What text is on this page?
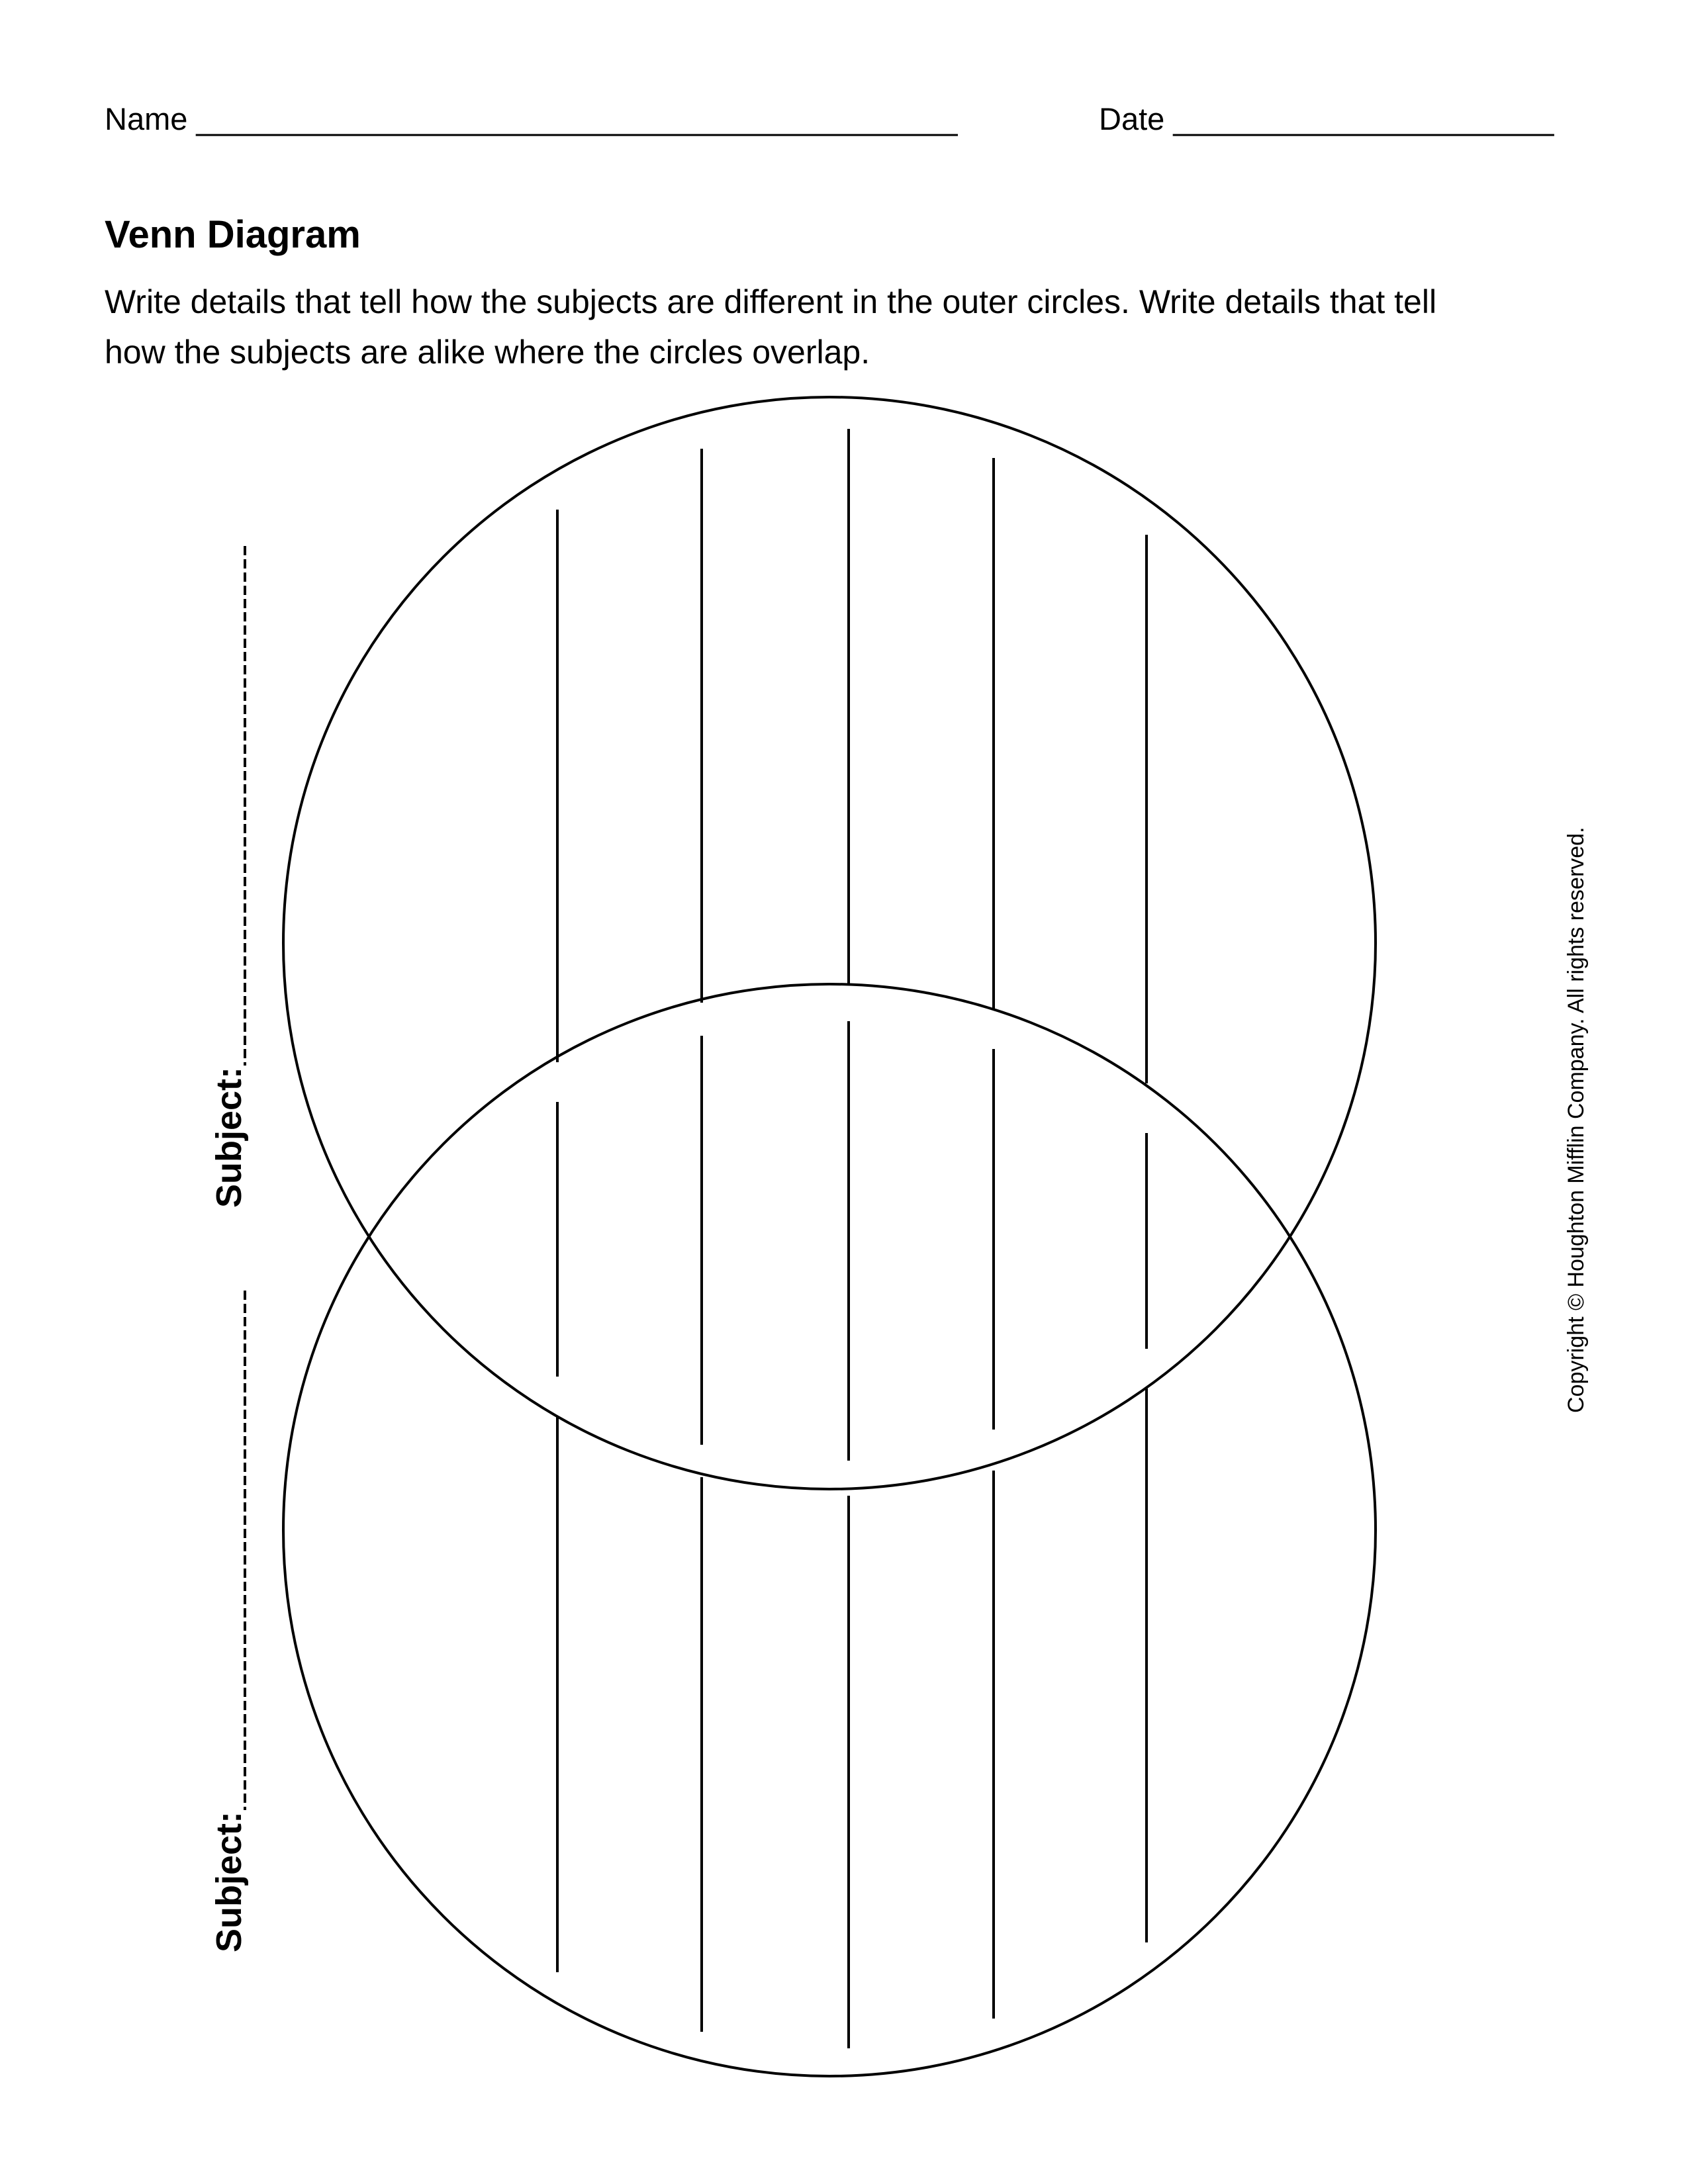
Name ____________________________________________	Date ______________________
Venn Diagram

Write details that tell how the subjects are different in the outer circles. Write details that tell

how the subjects are alike where the circles overlap.

Subject:
Subject:
Copyright © Houghton Mifflin Company. All rights reserved.
